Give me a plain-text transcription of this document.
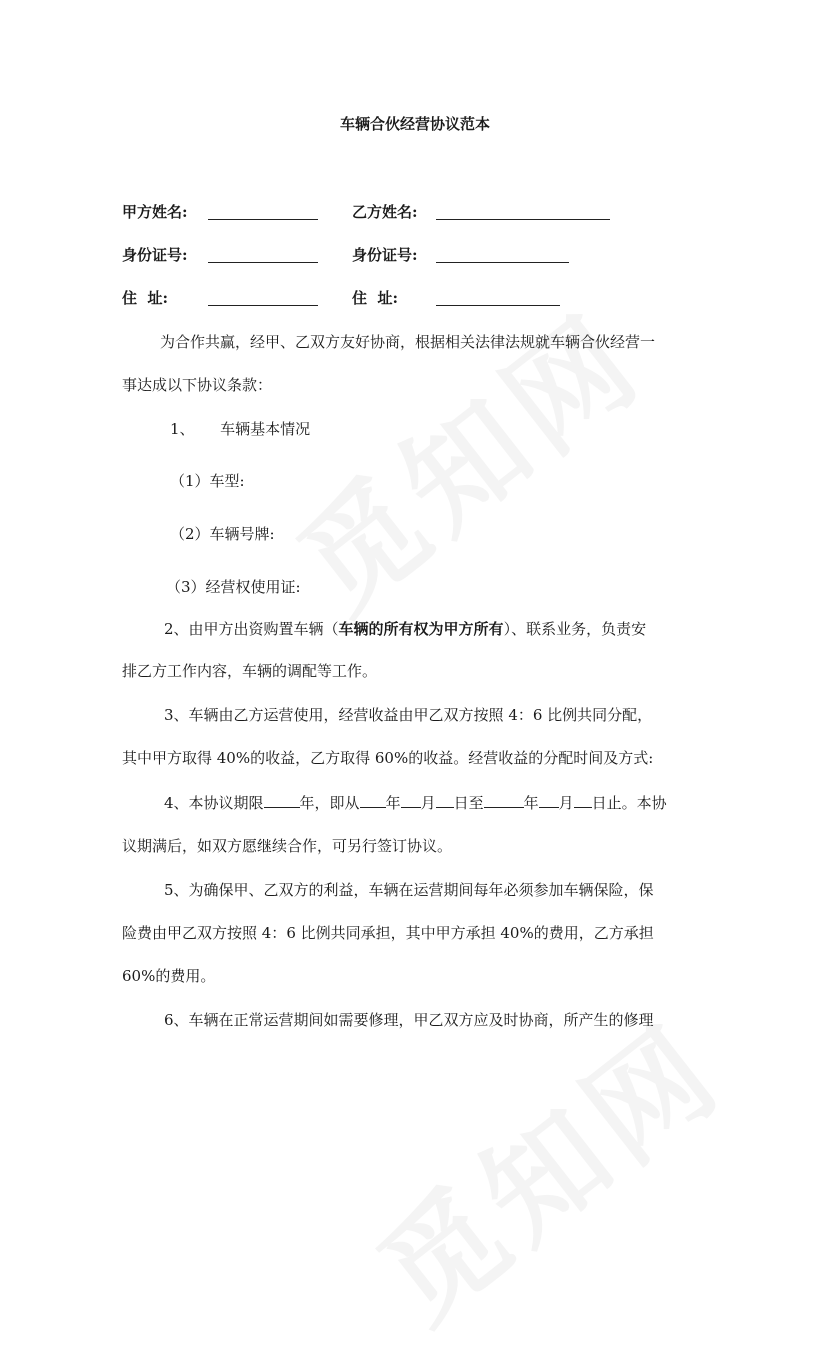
车辆合伙经营协议范本
甲方姓名:	乙方姓名:
身份证号:	身份证号:
住  址:	住  址:
为合作共赢，经甲、乙双方友好协商，根据相关法律法规就车辆合伙经营一
事达成以下协议条款：
1、 车辆基本情况
（1）车型:
（2）车辆号牌:
（3）经营权使用证:
2、由甲方出资购置车辆（车辆的所有权为甲方所有）、联系业务，负责安
排乙方工作内容，车辆的调配等工作。
3、车辆由乙方运营使用，经营收益由甲乙双方按照 4：6 比例共同分配，
其中甲方取得 40%的收益，乙方取得 60%的收益。经营收益的分配时间及方式:
4、本协议期限 年，即从 年 月 日至	年 月 日止。本协
议期满后，如双方愿继续合作，可另行签订协议。
5、为确保甲、乙双方的利益，车辆在运营期间每年必须参加车辆保险，保
险费由甲乙双方按照 4：6 比例共同承担，其中甲方承担 40%的费用，乙方承担
60%的费用。
6、车辆在正常运营期间如需要修理，甲乙双方应及时协商，所产生的修理
